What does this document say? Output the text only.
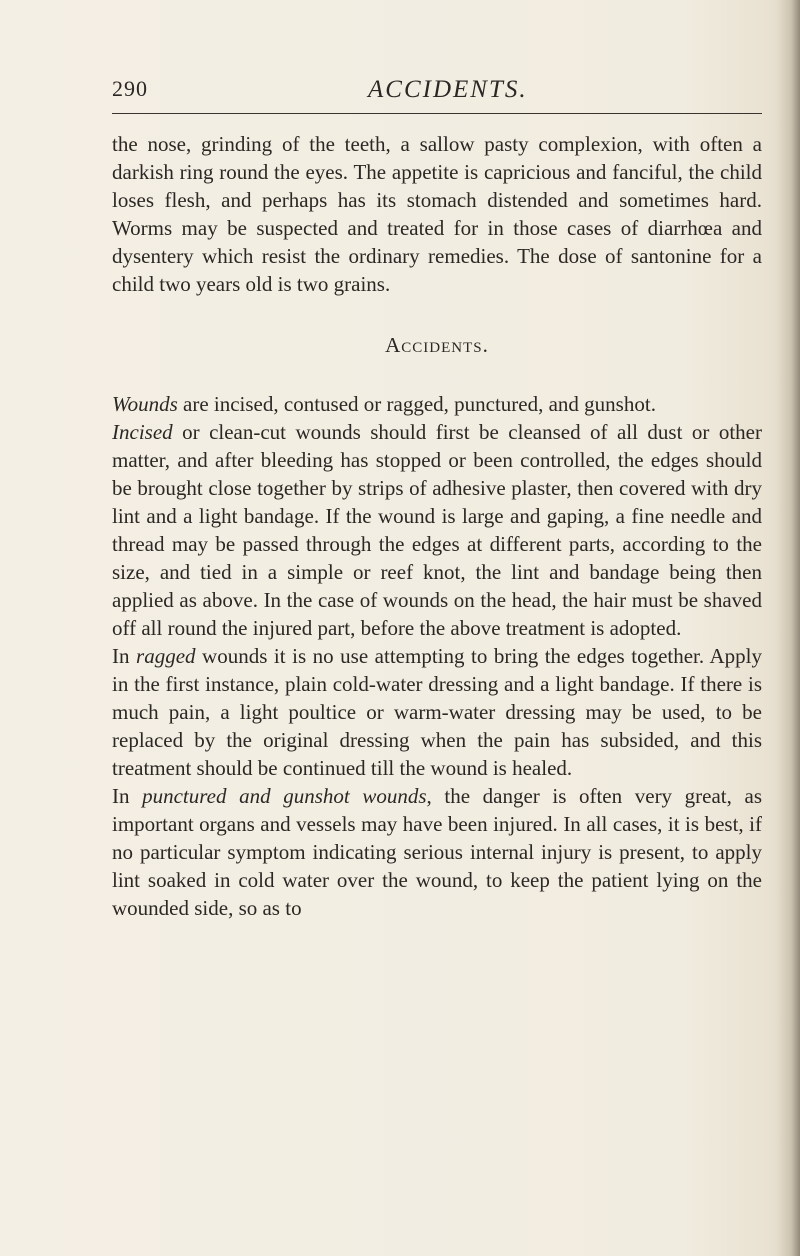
290	ACCIDENTS.

the nose, grinding of the teeth, a sallow pasty complexion, with often a darkish ring round the eyes. The appetite is capricious and fanciful, the child loses flesh, and perhaps has its stomach distended and sometimes hard. Worms may be suspected and treated for in those cases of diarrhœa and dysentery which resist the ordinary remedies. The dose of santonine for a child two years old is two grains.

Accidents.

Wounds are incised, contused or ragged, punctured, and gunshot.

Incised or clean-cut wounds should first be cleansed of all dust or other matter, and after bleeding has stopped or been controlled, the edges should be brought close together by strips of adhesive plaster, then covered with dry lint and a light bandage. If the wound is large and gaping, a fine needle and thread may be passed through the edges at different parts, according to the size, and tied in a simple or reef knot, the lint and bandage being then applied as above. In the case of wounds on the head, the hair must be shaved off all round the injured part, before the above treatment is adopted.

In ragged wounds it is no use attempting to bring the edges together. Apply in the first instance, plain cold-water dressing and a light bandage. If there is much pain, a light poultice or warm-water dressing may be used, to be replaced by the original dressing when the pain has subsided, and this treatment should be continued till the wound is healed.

In punctured and gunshot wounds, the danger is often very great, as important organs and vessels may have been injured. In all cases, it is best, if no particular symptom indicating serious internal injury is present, to apply lint soaked in cold water over the wound, to keep the patient lying on the wounded side, so as to
